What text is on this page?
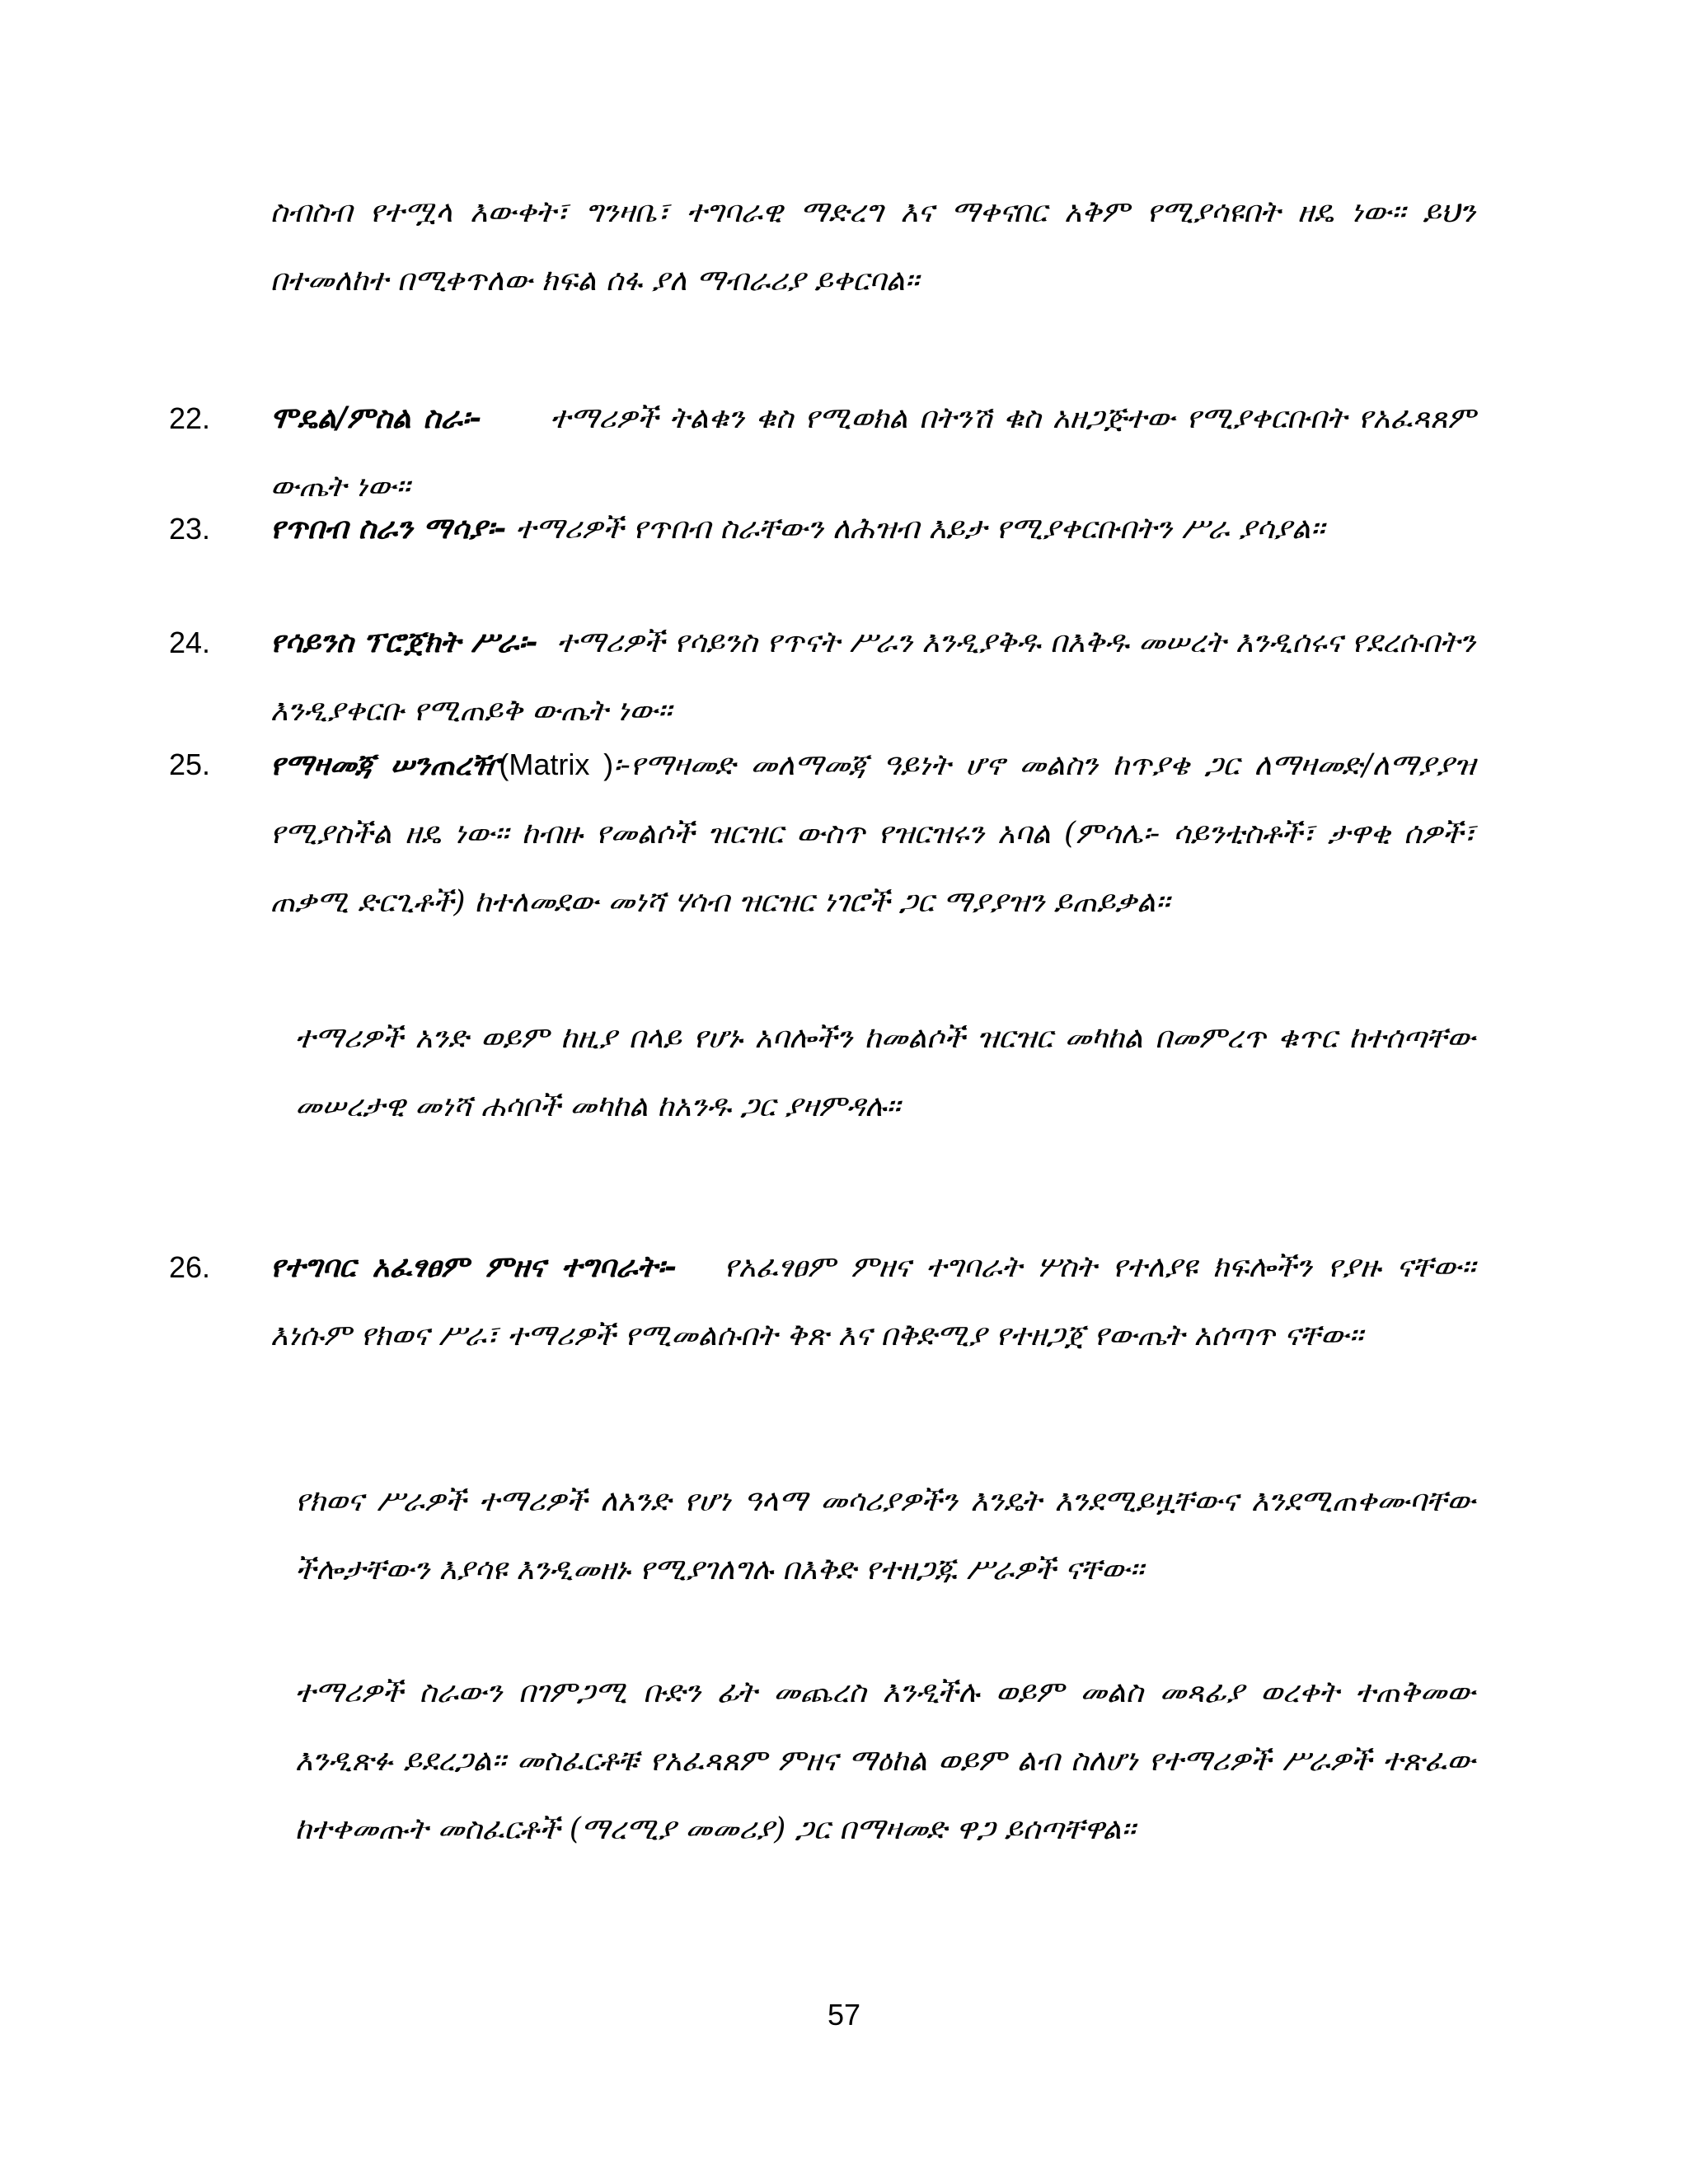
ስብስብ የተሟላ እውቀት፣ ግንዛቤ፣ ተግባራዊ ማድረግ እና ማቀናበር አቅም የሚያሳዩበት ዘዴ ነው፡፡ ይህን በተመለከተ በሚቀጥለው ክፍል ሰፋ ያለ ማብራሪያ ይቀርባል፡፡

22. ሞዴል/ምስል ስራ፡- ተማሪዎች ትልቁን ቁስ የሚወክል በትንሽ ቁስ አዘጋጅተው የሚያቀርቡበት የአፈጻጸም ውጤት ነው፡፡
23. የጥበብ ስራን ማሳያ፡- ተማሪዎች የጥበብ ስራቸውን ለሕዝብ እይታ የሚያቀርቡበትን ሥራ ያሳያል፡፡
24. የሳይንስ ፕሮጀክት ሥራ፡- ተማሪዎች የሳይንስ የጥናት ሥራን እንዲያቅዱ በእቅዱ መሠረት እንዲሰሩና የደረሱበትን እንዲያቀርቡ የሚጠይቅ ውጤት ነው፡፡
25. የማዛመጃ ሠንጠረዥ(Matrix )፡-የማዛመድ መለማመጃ ዓይነት ሆኖ መልስን ከጥያቄ ጋር ለማዛመድ/ለማያያዝ የሚያስችል ዘዴ ነው፡፡ ከብዙ የመልሶች ዝርዝር ውስጥ የዝርዝሩን አባል (ምሳሌ፡- ሳይንቲስቶች፣ ታዋቂ ሰዎች፣ ጠቃሚ ድርጊቶች) ከተለመደው መነሻ ሃሳብ ዝርዝር ነገሮች ጋር ማያያዝን ይጠይቃል፡፡

ተማሪዎች አንድ ወይም ከዚያ በላይ የሆኑ አባሎችን ከመልሶች ዝርዝር መካከል በመምረጥ ቁጥር ከተሰጣቸው መሠረታዊ መነሻ ሐሳቦች መካከል ከአንዱ ጋር ያዛምዳሉ፡፡

26. የተግባር አፈፃፀም ምዘና ተግባራት፡- የአፈፃፀም ምዘና ተግባራት ሦስት የተለያዩ ክፍሎችን የያዙ ናቸው፡፡ እነሱም የክወና ሥራ፣ ተማሪዎች የሚመልሱበት ቅጽ እና በቅድሚያ የተዘጋጀ የውጤት አሰጣጥ ናቸው፡፡

የክወና ሥራዎች ተማሪዎች ለአንድ የሆነ ዓላማ መሳሪያዎችን እንዴት እንደሚይዟቸውና እንደሚጠቀሙባቸው ችሎታቸውን እያሳዩ እንዲመዘኑ የሚያገለግሉ በእቅድ የተዘጋጁ ሥራዎች ናቸው፡፡

ተማሪዎች ስራውን በገምጋሚ ቡድን ፊት መጨረስ እንዲችሉ ወይም መልስ መጻፊያ ወረቀት ተጠቅመው እንዲጽፉ ይደረጋል፡፡ መስፈርቶቹ የአፈጻጸም ምዘና ማዕከል ወይም ልብ ስለሆነ የተማሪዎች ሥራዎች ተጽፈው ከተቀመጡት መስፈርቶች (ማረሚያ መመሪያ) ጋር በማዛመድ ዋጋ ይሰጣቸዋል፡፡

57
